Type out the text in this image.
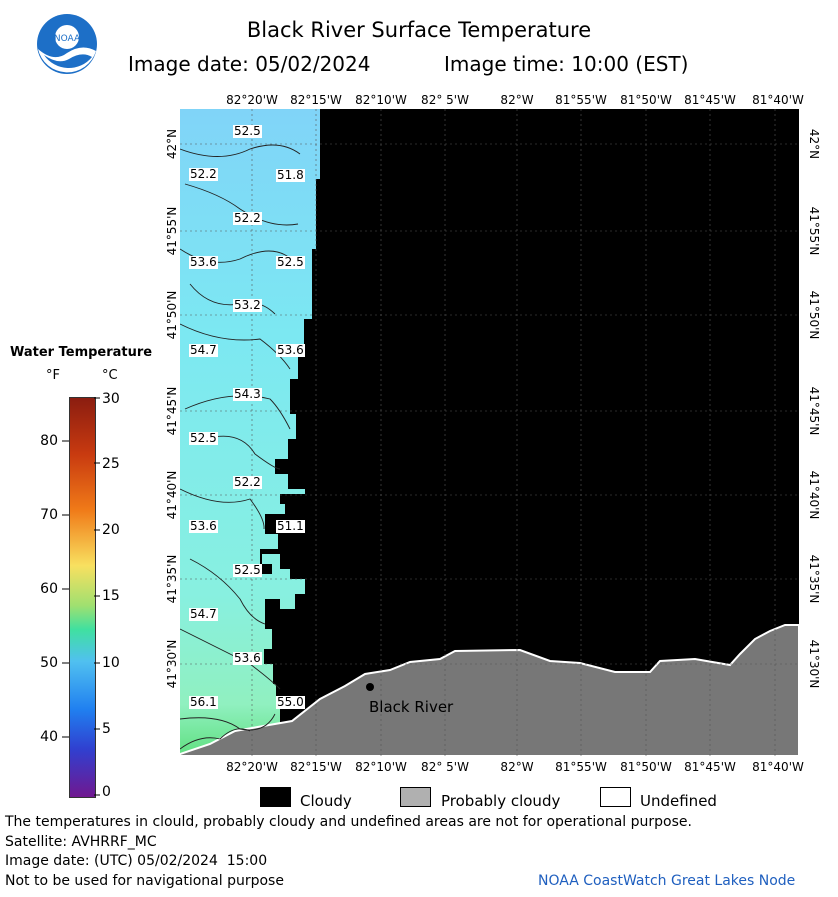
NOAA	Black River Surface Temperature
Image date: 05/02/2024	Image time: 10:00 (EST)
52.5
52.2	51.8
52.2
53.6	52.5
53.2
54.7	53.6
54.3
52.5
52.2
53.6	51.1
52.5
54.7
53.6
56.1	55.0	Black River
82°20'W 82°15'W 82°10'W 82° 5'W	82°W 81°55'W 81°50'W 81°45'W 81°40'W
82°20'W 82°15'W 82°10'W 82° 5'W	82°W 81°55'W 81°50'W 81°45'W 81°40'W
42°N
41°55'N
41°50'N
41°45'N
41°40'N
41°35'N
41°30'N
42°N
41°55'N
41°50'N
41°45'N
41°40'N
41°35'N
41°30'N
Water Temperature
°F	°C
80
70
60
50
40
30
25
20
15
10
5
0	Cloudy	Probably cloudy	Undefined
The temperatures in clould, probably cloudy and undefined areas are not for operational purpose.
Satellite: AVHRRF_MC
Image date: (UTC) 05/02/2024  15:00
Not to be used for navigational purpose	NOAA CoastWatch Great Lakes Node
